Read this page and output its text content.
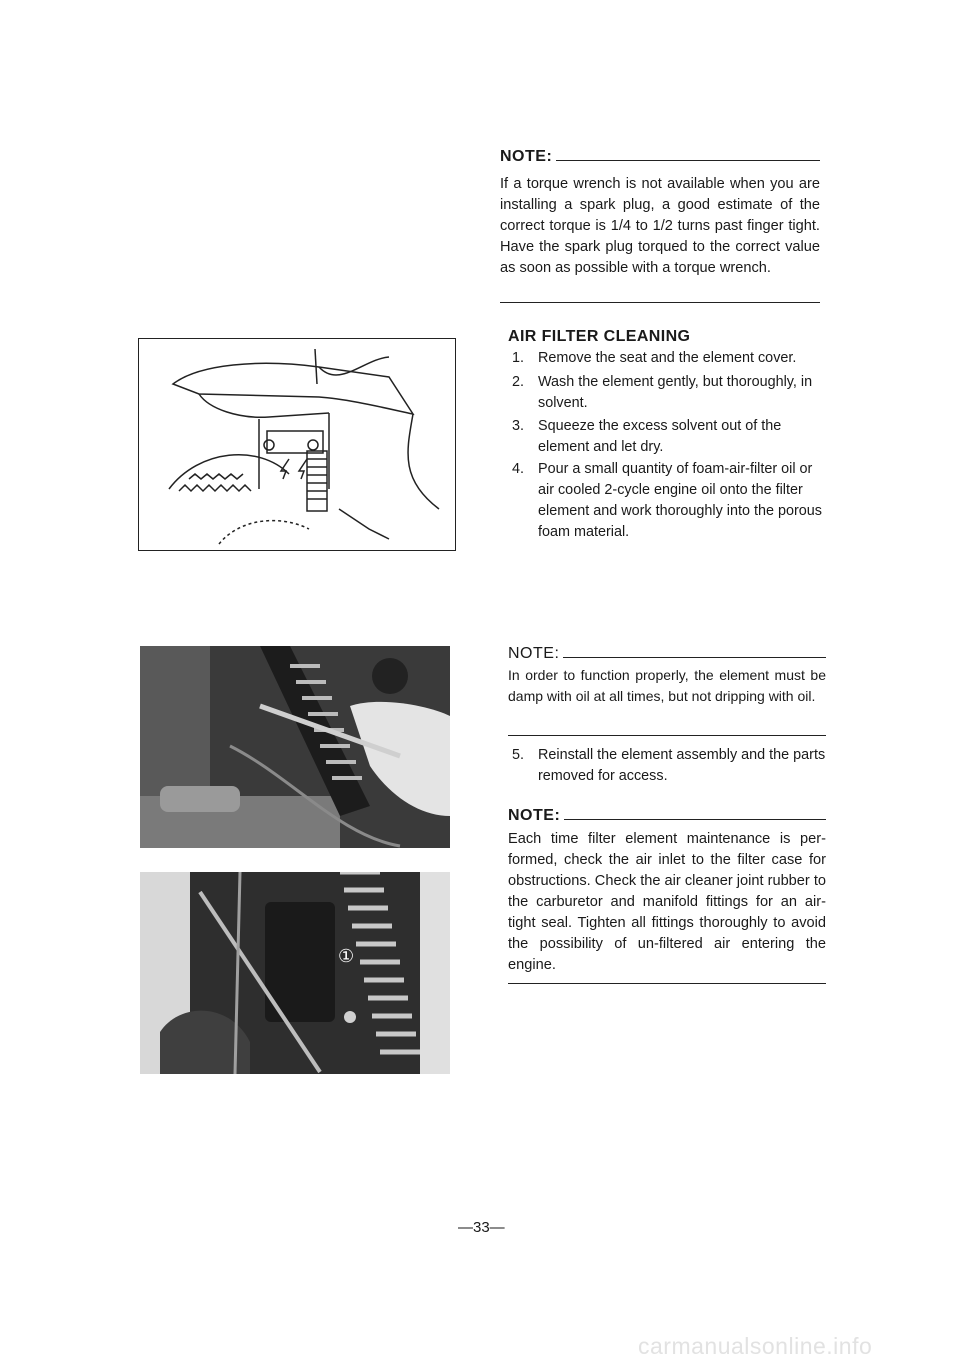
NOTE:

If a torque wrench is not available when you are installing a spark plug, a good estimate of the correct torque is 1/4 to 1/2 turns past finger tight. Have the spark plug torqued to the correct value as soon as possible with a torque wrench.

AIR FILTER CLEANING
1. Remove the seat and the element cover.
2. Wash the element gently, but thoroughly, in solvent.
3. Squeeze the excess solvent out of the element and let dry.
4. Pour a small quantity of foam-air-filter oil or air cooled 2-cycle engine oil onto the filter element and work thoroughly into the porous foam material.
NOTE:

In order to function properly, the element must be damp with oil at all times, but not dripping with oil.

5. Reinstall the element assembly and the parts removed for access.
NOTE:

Each time filter element maintenance is per-formed, check the air inlet to the filter case for obstructions. Check the air cleaner joint rubber to the carburetor and manifold fittings for an air-tight seal. Tighten all fittings thoroughly to avoid the possibility of un-filtered air entering the engine.

①
—33—
carmanualsonline.info
